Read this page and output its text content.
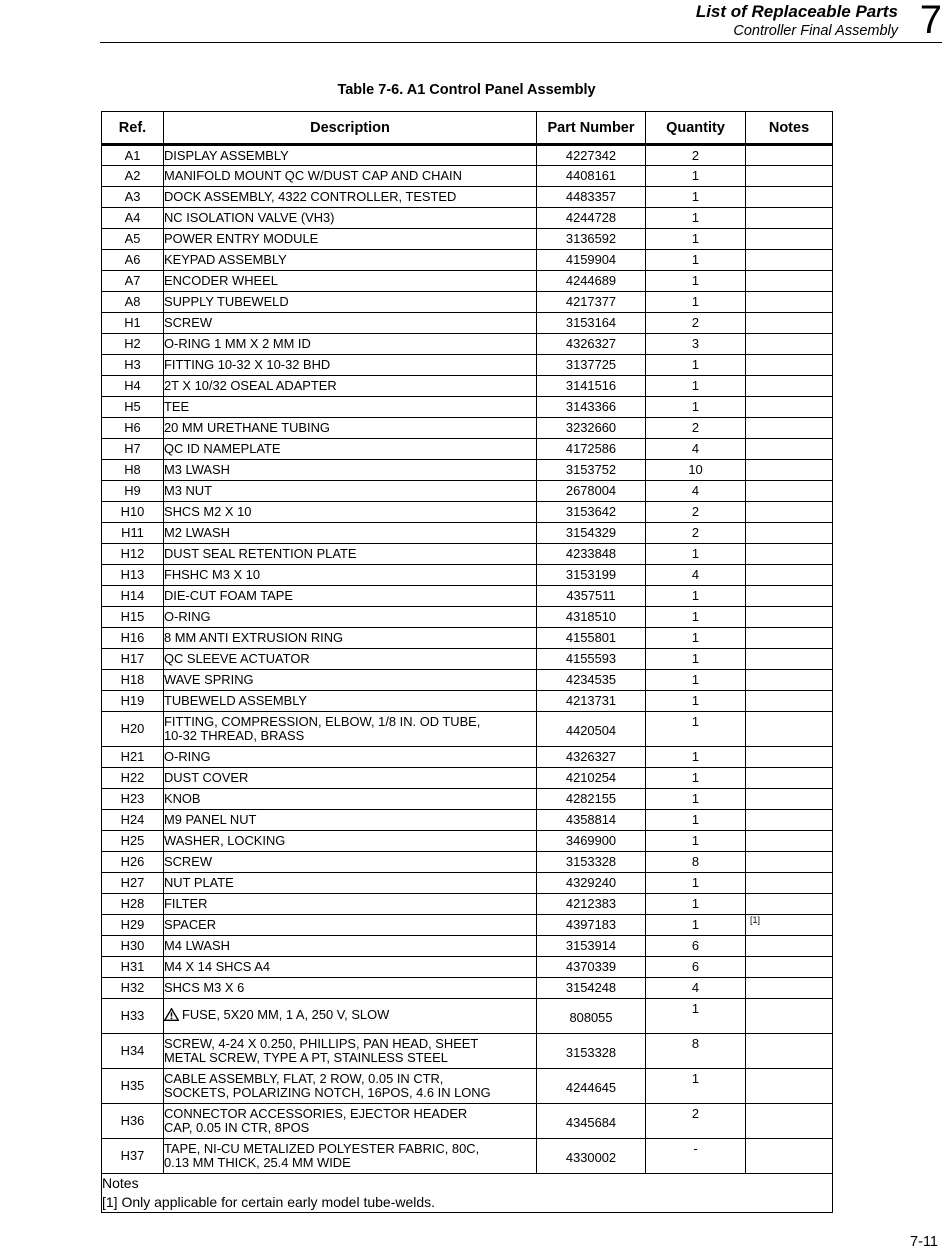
List of Replaceable Parts
Controller Final Assembly 7
Table 7-6. A1 Control Panel Assembly
Ref.	Description	Part Number	Quantity	Notes
A1	DISPLAY ASSEMBLY	4227342	2	
A2	MANIFOLD MOUNT QC W/DUST CAP AND CHAIN	4408161	1	
A3	DOCK ASSEMBLY, 4322 CONTROLLER, TESTED	4483357	1	
A4	NC ISOLATION VALVE (VH3)	4244728	1	
A5	POWER ENTRY MODULE	3136592	1	
A6	KEYPAD ASSEMBLY	4159904	1	
A7	ENCODER WHEEL	4244689	1	
A8	SUPPLY TUBEWELD	4217377	1	
H1	SCREW	3153164	2	
H2	O-RING 1 MM X 2 MM ID	4326327	3	
H3	FITTING 10-32 X 10-32 BHD	3137725	1	
H4	2T X 10/32 OSEAL ADAPTER	3141516	1	
H5	TEE	3143366	1	
H6	20 MM URETHANE TUBING	3232660	2	
H7	QC ID NAMEPLATE	4172586	4	
H8	M3 LWASH	3153752	10	
H9	M3 NUT	2678004	4	
H10	SHCS M2 X 10	3153642	2	
H11	M2 LWASH	3154329	2	
H12	DUST SEAL RETENTION PLATE	4233848	1	
H13	FHSHC M3 X 10	3153199	4	
H14	DIE-CUT FOAM TAPE	4357511	1	
H15	O-RING	4318510	1	
H16	8 MM ANTI EXTRUSION RING	4155801	1	
H17	QC SLEEVE ACTUATOR	4155593	1	
H18	WAVE SPRING	4234535	1	
H19	TUBEWELD ASSEMBLY	4213731	1	
H20	FITTING, COMPRESSION, ELBOW, 1/8 IN. OD TUBE,
10-32 THREAD, BRASS	4420504	1	
H21	O-RING	4326327	1	
H22	DUST COVER	4210254	1	
H23	KNOB	4282155	1	
H24	M9 PANEL NUT	4358814	1	
H25	WASHER, LOCKING	3469900	1	
H26	SCREW	3153328	8	
H27	NUT PLATE	4329240	1	
H28	FILTER	4212383	1	
H29	SPACER	4397183	1	[1]
H30	M4 LWASH	3153914	6	
H31	M4 X 14 SHCS A4	4370339	6	
H32	SHCS M3 X 6	3154248	4	
H33	FUSE, 5X20 MM, 1 A, 250 V, SLOW	808055	1	
H34	SCREW, 4-24 X 0.250, PHILLIPS, PAN HEAD, SHEET
METAL SCREW, TYPE A PT, STAINLESS STEEL	3153328	8	
H35	CABLE ASSEMBLY, FLAT, 2 ROW, 0.05 IN CTR,
SOCKETS, POLARIZING NOTCH, 16POS, 4.6 IN LONG	4244645	1	
H36	CONNECTOR ACCESSORIES, EJECTOR HEADER
CAP, 0.05 IN CTR, 8POS	4345684	2	
H37	TAPE, NI-CU METALIZED POLYESTER FABRIC, 80C,
0.13 MM THICK, 25.4 MM WIDE	4330002	-	

Notes
[1] Only applicable for certain early model tube-welds.				
7-11
